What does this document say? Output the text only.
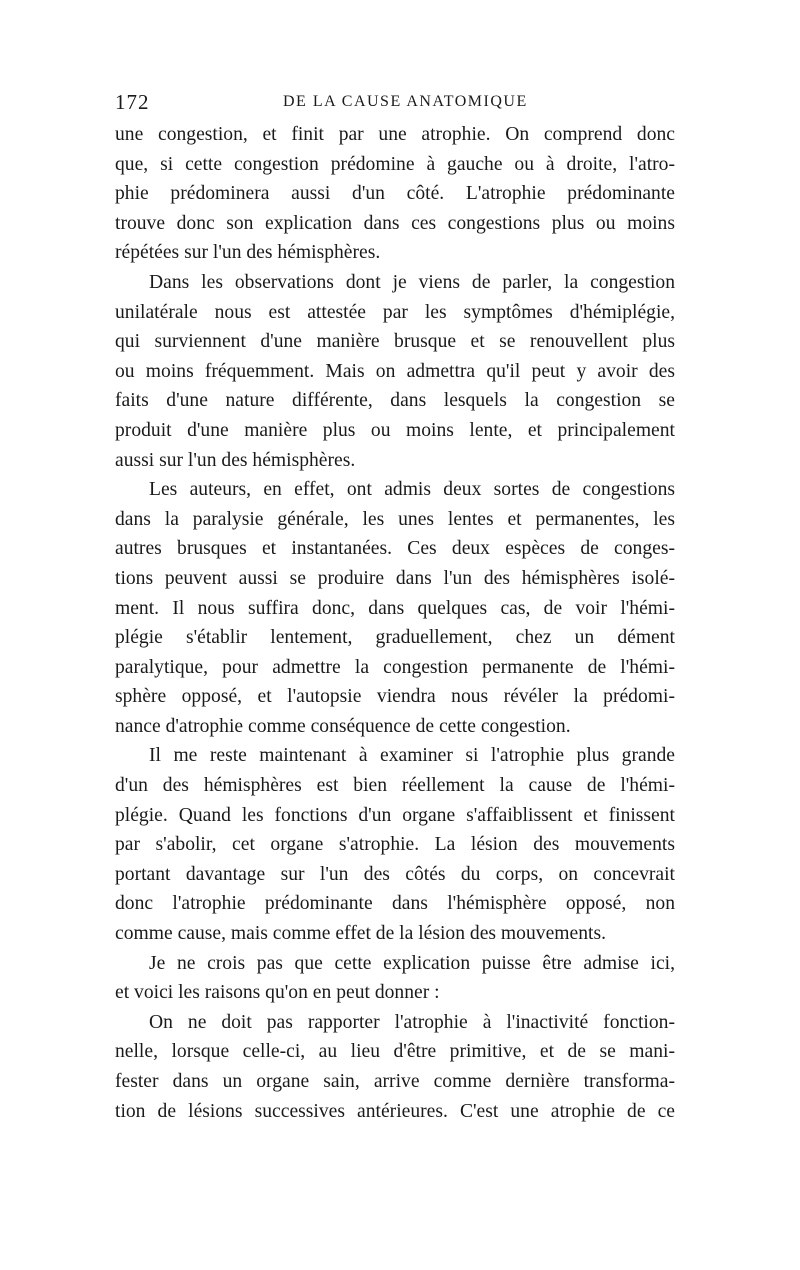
172	DE LA CAUSE ANATOMIQUE

une congestion, et finit par une atrophie. On comprend donc
que, si cette congestion prédomine à gauche ou à droite, l'atro-
phie prédominera aussi d'un côté. L'atrophie prédominante
trouve donc son explication dans ces congestions plus ou moins
répétées sur l'un des hémisphères.

Dans les observations dont je viens de parler, la congestion
unilatérale nous est attestée par les symptômes d'hémiplégie,
qui surviennent d'une manière brusque et se renouvellent plus
ou moins fréquemment. Mais on admettra qu'il peut y avoir des
faits d'une nature différente, dans lesquels la congestion se
produit d'une manière plus ou moins lente, et principalement
aussi sur l'un des hémisphères.

Les auteurs, en effet, ont admis deux sortes de congestions
dans la paralysie générale, les unes lentes et permanentes, les
autres brusques et instantanées. Ces deux espèces de conges-
tions peuvent aussi se produire dans l'un des hémisphères isolé-
ment. Il nous suffira donc, dans quelques cas, de voir l'hémi-
plégie s'établir lentement, graduellement, chez un dément
paralytique, pour admettre la congestion permanente de l'hémi-
sphère opposé, et l'autopsie viendra nous révéler la prédomi-
nance d'atrophie comme conséquence de cette congestion.

Il me reste maintenant à examiner si l'atrophie plus grande
d'un des hémisphères est bien réellement la cause de l'hémi-
plégie. Quand les fonctions d'un organe s'affaiblissent et finissent
par s'abolir, cet organe s'atrophie. La lésion des mouvements
portant davantage sur l'un des côtés du corps, on concevrait
donc l'atrophie prédominante dans l'hémisphère opposé, non
comme cause, mais comme effet de la lésion des mouvements.

Je ne crois pas que cette explication puisse être admise ici,
et voici les raisons qu'on en peut donner :

On ne doit pas rapporter l'atrophie à l'inactivité fonction-
nelle, lorsque celle-ci, au lieu d'être primitive, et de se mani-
fester dans un organe sain, arrive comme dernière transforma-
tion de lésions successives antérieures. C'est une atrophie de ce
